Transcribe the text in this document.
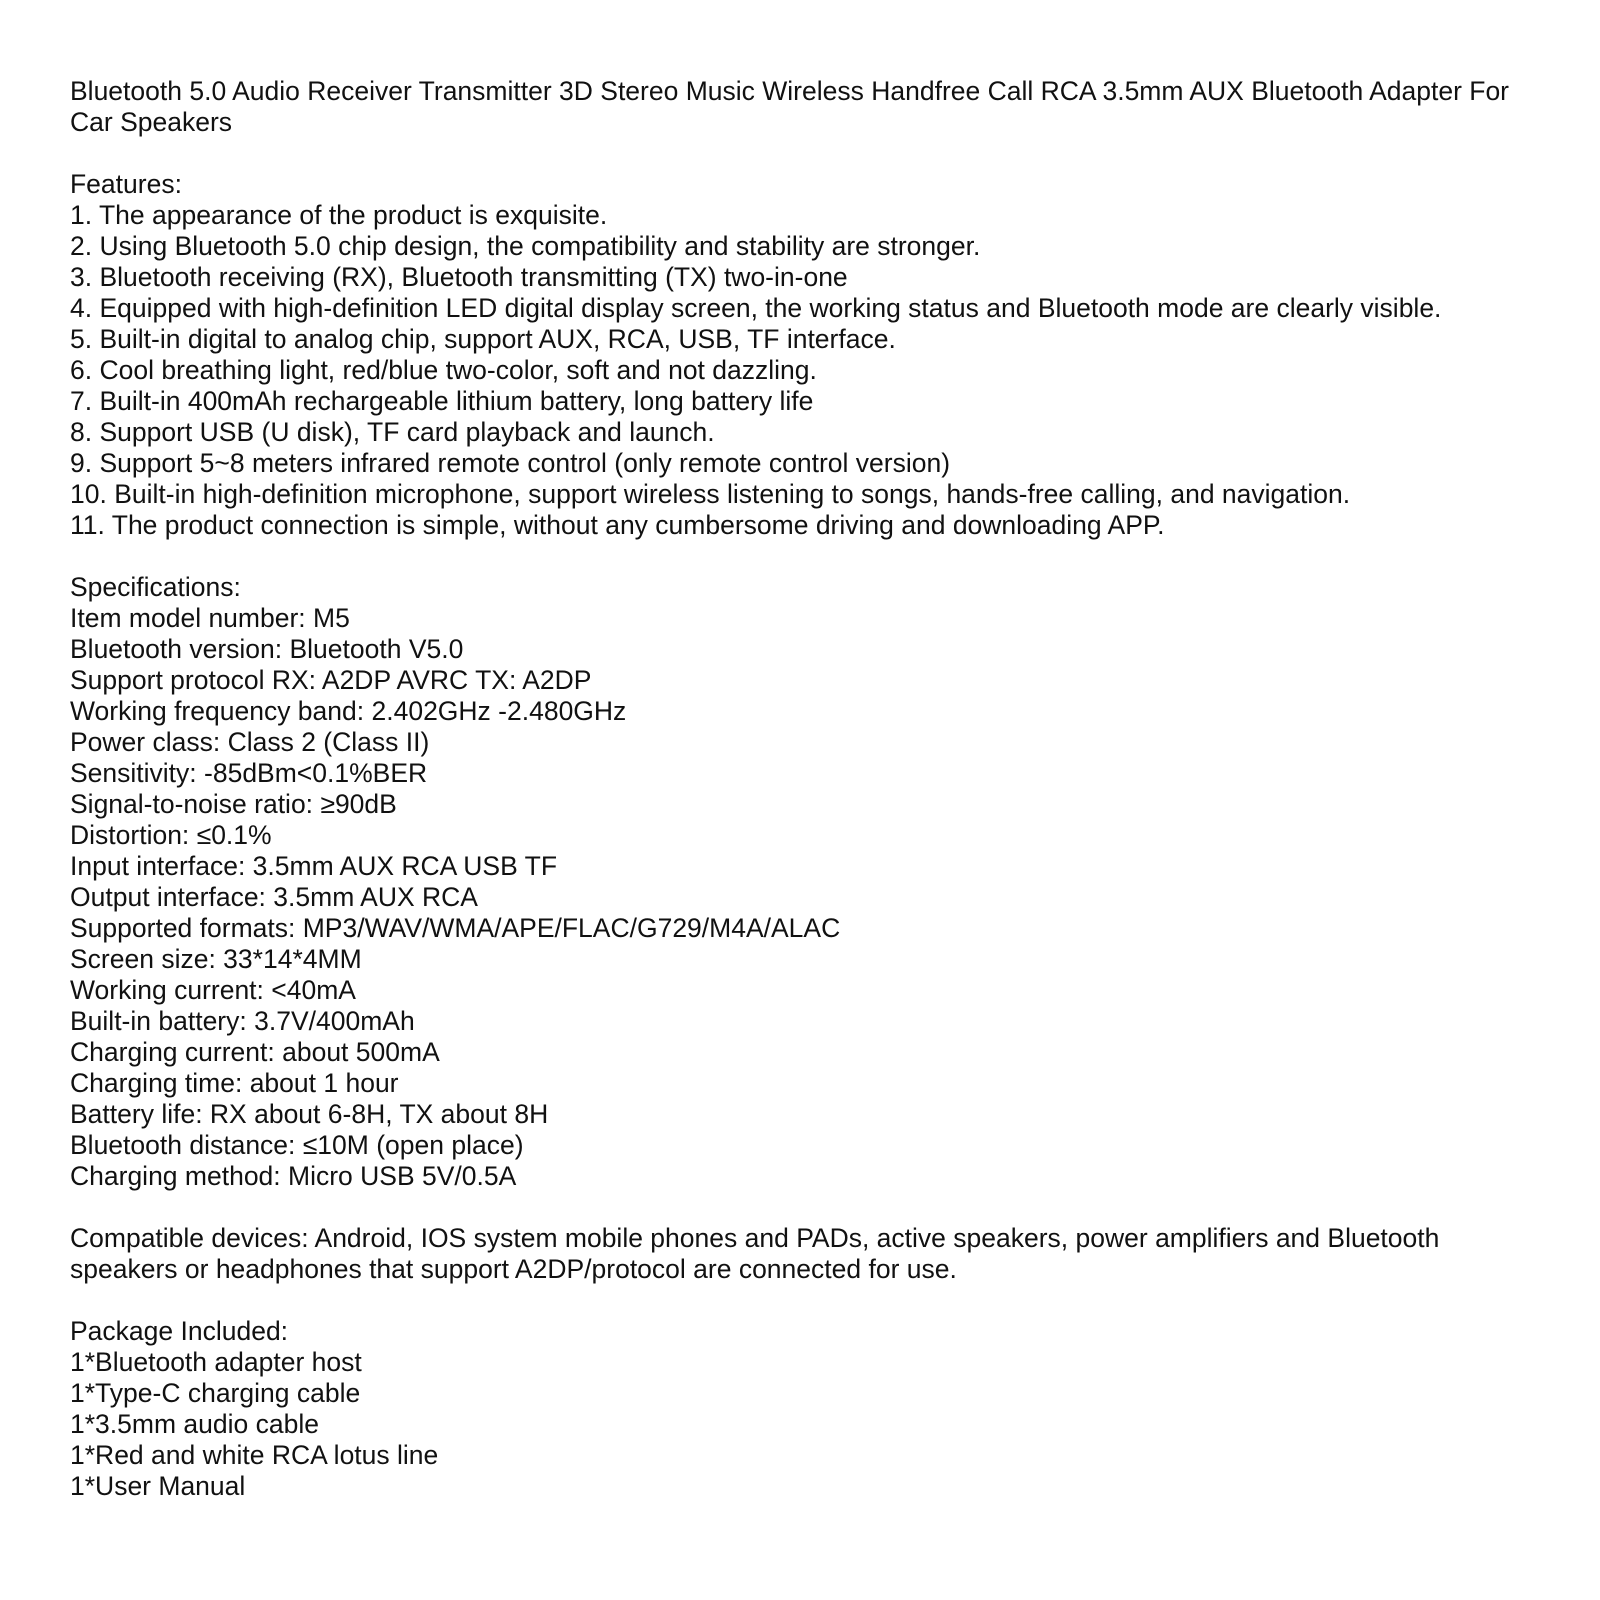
Bluetooth 5.0 Audio Receiver Transmitter 3D Stereo Music Wireless Handfree Call RCA 3.5mm AUX Bluetooth Adapter For Car Speakers
Features:
1. The appearance of the product is exquisite.
2. Using Bluetooth 5.0 chip design, the compatibility and stability are stronger.
3. Bluetooth receiving (RX), Bluetooth transmitting (TX) two-in-one
4. Equipped with high-definition LED digital display screen, the working status and Bluetooth mode are clearly visible.
5. Built-in digital to analog chip, support AUX, RCA, USB, TF interface.
6. Cool breathing light, red/blue two-color, soft and not dazzling.
7. Built-in 400mAh rechargeable lithium battery, long battery life
8. Support USB (U disk), TF card playback and launch.
9. Support 5~8 meters infrared remote control (only remote control version)
10. Built-in high-definition microphone, support wireless listening to songs, hands-free calling, and navigation.
11. The product connection is simple, without any cumbersome driving and downloading APP.
Specifications:
Item model number: M5
Bluetooth version: Bluetooth V5.0
Support protocol RX: A2DP AVRC TX: A2DP
Working frequency band: 2.402GHz -2.480GHz
Power class: Class 2 (Class II)
Sensitivity: -85dBm<0.1%BER
Signal-to-noise ratio: ≥90dB
Distortion: ≤0.1%
Input interface: 3.5mm AUX RCA USB TF
Output interface: 3.5mm AUX RCA
Supported formats: MP3/WAV/WMA/APE/FLAC/G729/M4A/ALAC
Screen size: 33*14*4MM
Working current: <40mA
Built-in battery: 3.7V/400mAh
Charging current: about 500mA
Charging time: about 1 hour
Battery life: RX about 6-8H, TX about 8H
Bluetooth distance: ≤10M (open place)
Charging method: Micro USB 5V/0.5A
Compatible devices: Android, IOS system mobile phones and PADs, active speakers, power amplifiers and Bluetooth
speakers or headphones that support A2DP/protocol are connected for use.
Package Included:
1*Bluetooth adapter host
1*Type-C charging cable
1*3.5mm audio cable
1*Red and white RCA lotus line
1*User Manual
